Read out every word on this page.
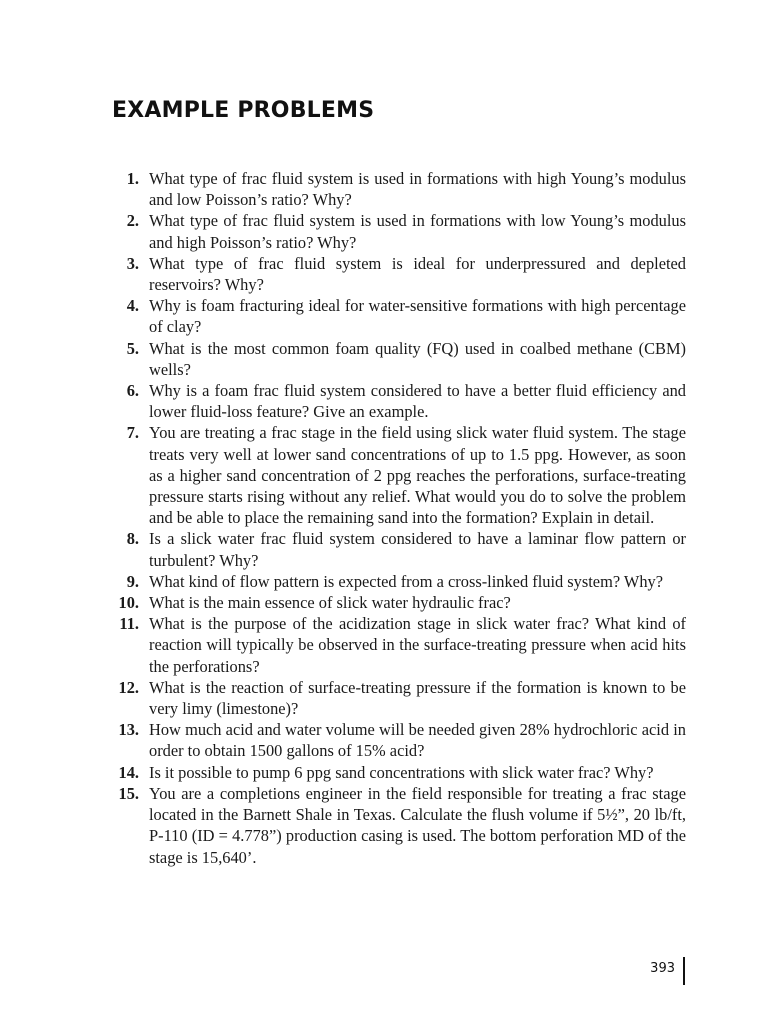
EXAMPLE PROBLEMS
1. What type of frac fluid system is used in formations with high Young’s modulus and low Poisson’s ratio? Why?
2. What type of frac fluid system is used in formations with low Young’s modulus and high Poisson’s ratio? Why?
3. What type of frac fluid system is ideal for underpressured and depleted reservoirs? Why?
4. Why is foam fracturing ideal for water-sensitive formations with high percentage of clay?
5. What is the most common foam quality (FQ) used in coalbed methane (CBM) wells?
6. Why is a foam frac fluid system considered to have a better fluid efficiency and lower fluid-loss feature? Give an example.
7. You are treating a frac stage in the field using slick water fluid system. The stage treats very well at lower sand concentrations of up to 1.5 ppg. However, as soon as a higher sand concentration of 2 ppg reaches the perforations, surface-treating pressure starts rising without any relief. What would you do to solve the problem and be able to place the remaining sand into the formation? Explain in detail.
8. Is a slick water frac fluid system considered to have a laminar flow pattern or turbulent? Why?
9. What kind of flow pattern is expected from a cross-linked fluid system? Why?
10. What is the main essence of slick water hydraulic frac?
11. What is the purpose of the acidization stage in slick water frac? What kind of reaction will typically be observed in the surface-treating pressure when acid hits the perforations?
12. What is the reaction of surface-treating pressure if the formation is known to be very limy (limestone)?
13. How much acid and water volume will be needed given 28% hydrochloric acid in order to obtain 1500 gallons of 15% acid?
14. Is it possible to pump 6 ppg sand concentrations with slick water frac? Why?
15. You are a completions engineer in the field responsible for treating a frac stage located in the Barnett Shale in Texas. Calculate the flush volume if 5½”, 20 lb/ft, P-110 (ID = 4.778”) production casing is used. The bottom perforation MD of the stage is 15,640’.
393
